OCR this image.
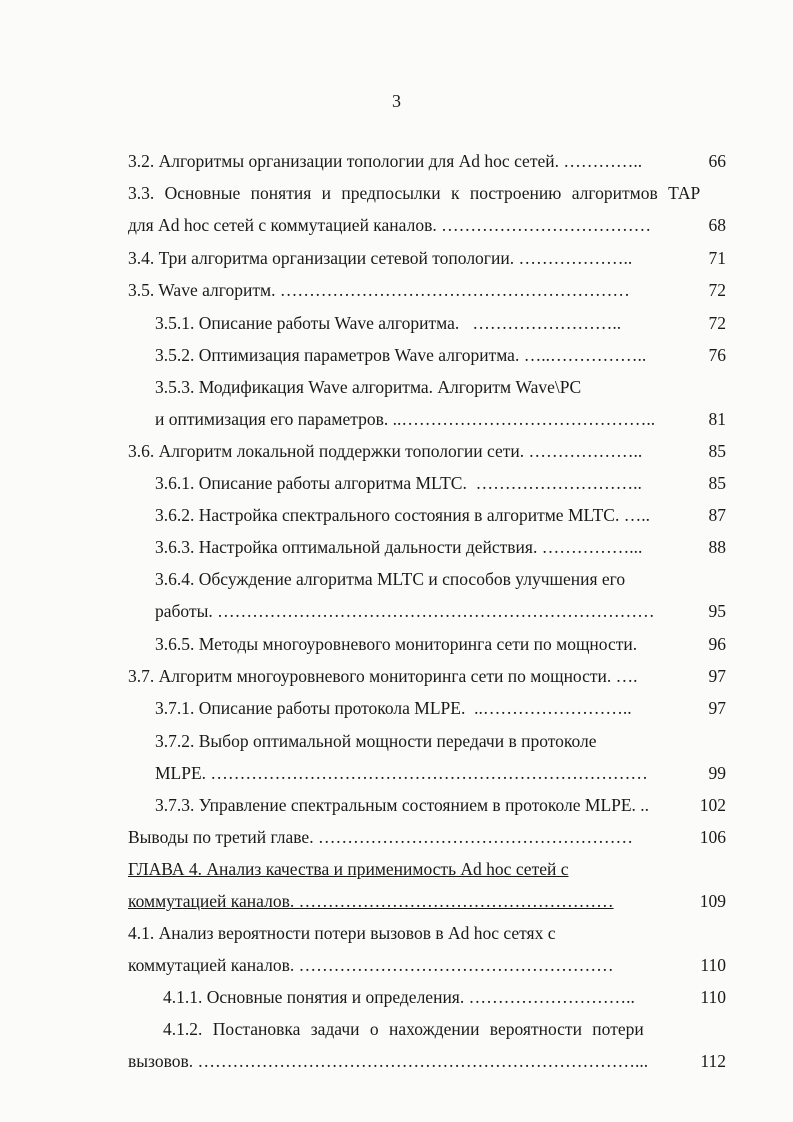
3
3.2. Алгоритмы организации топологии для Ad hoc сетей. …………..	66
3.3. Основные понятия и предпосылки к построению алгоритмов ТАР
для Ad hoc сетей с коммутацией каналов. ………………………………	68
3.4. Три алгоритма организации сетевой топологии. ………………..	71
3.5. Wave алгоритм. ……………………………………………………	72
3.5.1. Описание работы Wave алгоритма.   ……………………..	72
3.5.2. Оптимизация параметров Wave алгоритма. …..……………..	76
3.5.3. Модификация Wave алгоритма. Алгоритм Wave\PC
и оптимизация его параметров. ..……………………………………..	81
3.6. Алгоритм локальной поддержки топологии сети. ………………..	85
3.6.1. Описание работы алгоритма MLTC.  ………………………..	85
3.6.2. Настройка спектрального состояния в алгоритме MLTC. …..	87
3.6.3. Настройка оптимальной дальности действия. ……………...	88
3.6.4. Обсуждение алгоритма MLTC и способов улучшения его
работы. …………………………………………………………………	95
3.6.5. Методы многоуровневого мониторинга сети по мощности.	96
3.7. Алгоритм многоуровневого мониторинга сети по мощности. ….	97
3.7.1. Описание работы протокола MLPE.  ..……………………..	97
3.7.2. Выбор оптимальной мощности передачи в протоколе
MLPE. …………………………………………………………………	99
3.7.3. Управление спектральным состоянием в протоколе MLPE. ..	102
Выводы по третий главе. ………………………………………………	106
ГЛАВА 4. Анализ качества и применимость Ad hoc сетей с
коммутацией каналов. ………………………………………………	109
4.1. Анализ вероятности потери вызовов в Ad hoc сетях с
коммутацией каналов. ………………………………………………	110
4.1.1. Основные понятия и определения. ………………………..	110
4.1.2. Постановка задачи о нахождении вероятности потери
вызовов. …………………………………………………………………...	112
